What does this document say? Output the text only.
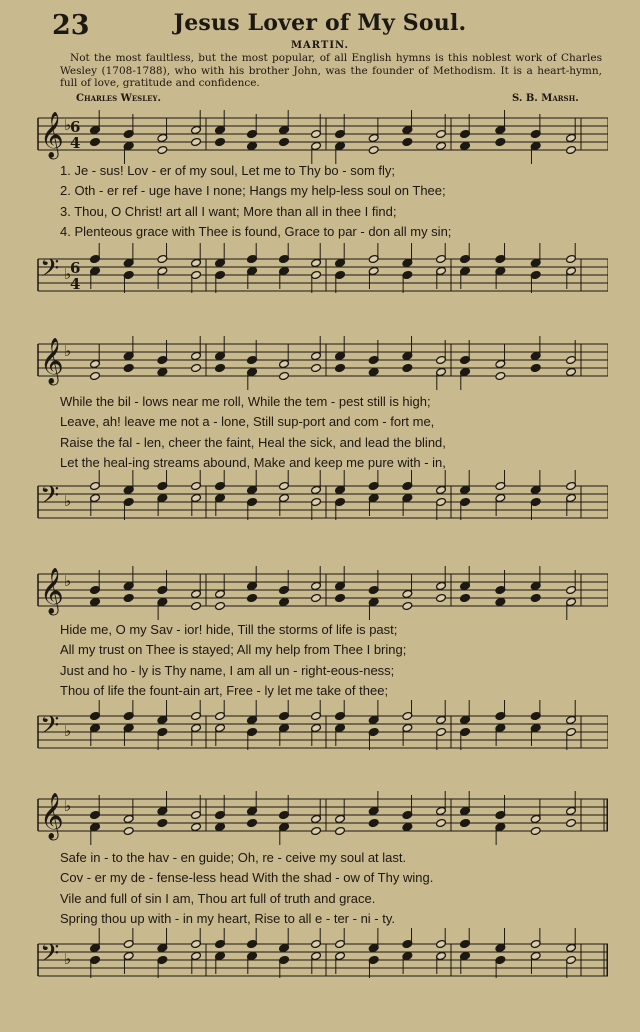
23	Jesus Lover of My Soul.
MARTIN.
Not the most faultless, but the most popular, of all English hymns is this noblest work of Charles Wesley (1708-1788), who with his brother John, was the founder of Methodism. It is a heart-hymn, full of love, gratitude and confidence.
Charles Wesley.	S. B. Marsh.
𝄞 ♭
6
4
1. Je - sus! Lov - er of my soul, Let me to Thy bo - som fly;
2. Oth - er ref - uge have I none; Hangs my help-less soul on Thee;
3. Thou, O Christ! art all I want; More than all in thee I find;
4. Plenteous grace with Thee is found, Grace to par - don all my sin;
𝄢 ♭
6
4
𝄞 ♭
While the bil - lows near me roll, While the tem - pest still is high;
Leave, ah! leave me not a - lone, Still sup-port and com - fort me,
Raise the fal - len, cheer the faint, Heal the sick, and lead the blind,
Let the heal-ing streams abound, Make and keep me pure with - in,
𝄢 ♭
𝄞 ♭
Hide me, O my Sav - ior! hide, Till the storms of life is past;
All my trust on Thee is stayed; All my help from Thee I bring;
Just and ho - ly is Thy name, I am all un - right-eous-ness;
Thou of life the fount-ain art, Free - ly let me take of thee;
𝄢 ♭
𝄞 ♭
Safe in - to the hav - en guide; Oh, re - ceive my soul at last.
Cov - er my de - fense-less head With the shad - ow of Thy wing.
Vile and full of sin I am, Thou art full of truth and grace.
Spring thou up with - in my heart, Rise to all e - ter - ni - ty.
𝄢 ♭
